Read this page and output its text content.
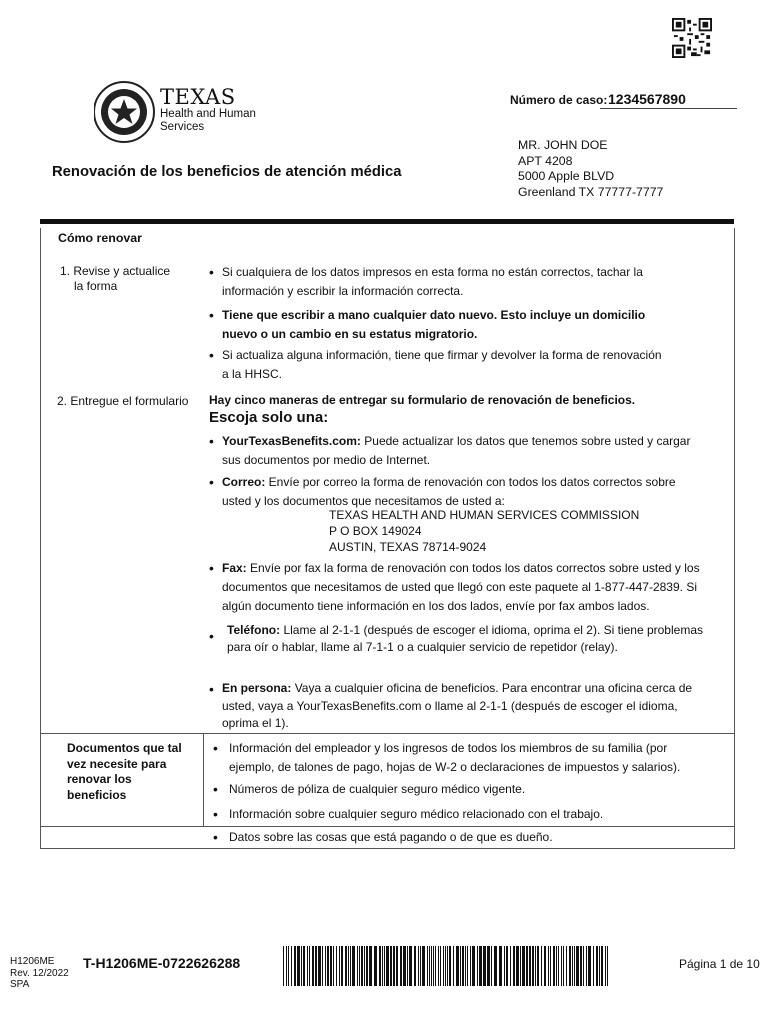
TEXAS
Health and Human
Services
Número de caso: 1234567890
MR. JOHN DOE
APT 4208
5000 Apple BLVD
Greenland TX 77777-7777
Renovación de los beneficios de atención médica
Cómo renovar
1. Revise y actualice
la forma
• Si cualquiera de los datos impresos en esta forma no están correctos, tachar la
información y escribir la información correcta.
• Tiene que escribir a mano cualquier dato nuevo. Esto incluye un domicilio
nuevo o un cambio en su estatus migratorio.
• Si actualiza alguna información, tiene que firmar y devolver la forma de renovación
a la HHSC.
2. Entregue el formulario Hay cinco maneras de entregar su formulario de renovación de beneficios.
Escoja solo una:
• YourTexasBenefits.com: Puede actualizar los datos que tenemos sobre usted y cargar
sus documentos por medio de Internet.
• Correo: Envíe por correo la forma de renovación con todos los datos correctos sobre
usted y los documentos que necesitamos de usted a:
TEXAS HEALTH AND HUMAN SERVICES COMMISSION
P O BOX 149024
AUSTIN, TEXAS 78714-9024
• Fax: Envíe por fax la forma de renovación con todos los datos correctos sobre usted y los
documentos que necesitamos de usted que llegó con este paquete al 1-877-447-2839. Si
algún documento tiene información en los dos lados, envíe por fax ambos lados.
• Teléfono: Llame al 2-1-1 (después de escoger el idioma, oprima el 2). Si tiene problemas
para oír o hablar, llame al 7-1-1 o a cualquier servicio de repetidor (relay).
• En persona: Vaya a cualquier oficina de beneficios. Para encontrar una oficina cerca de
usted, vaya a YourTexasBenefits.com o llame al 2-1-1 (después de escoger el idioma,
oprima el 1).
Documentos que tal
vez necesite para
renovar los
beneficios
• Información del empleador y los ingresos de todos los miembros de su familia (por
ejemplo, de talones de pago, hojas de W-2 o declaraciones de impuestos y salarios).
• Números de póliza de cualquier seguro médico vigente.
• Información sobre cualquier seguro médico relacionado con el trabajo.
• Datos sobre las cosas que está pagando o de que es dueño.
H1206ME
Rev. 12/2022
SPA
T-H1206ME-0722626288	Página 1 de 10
